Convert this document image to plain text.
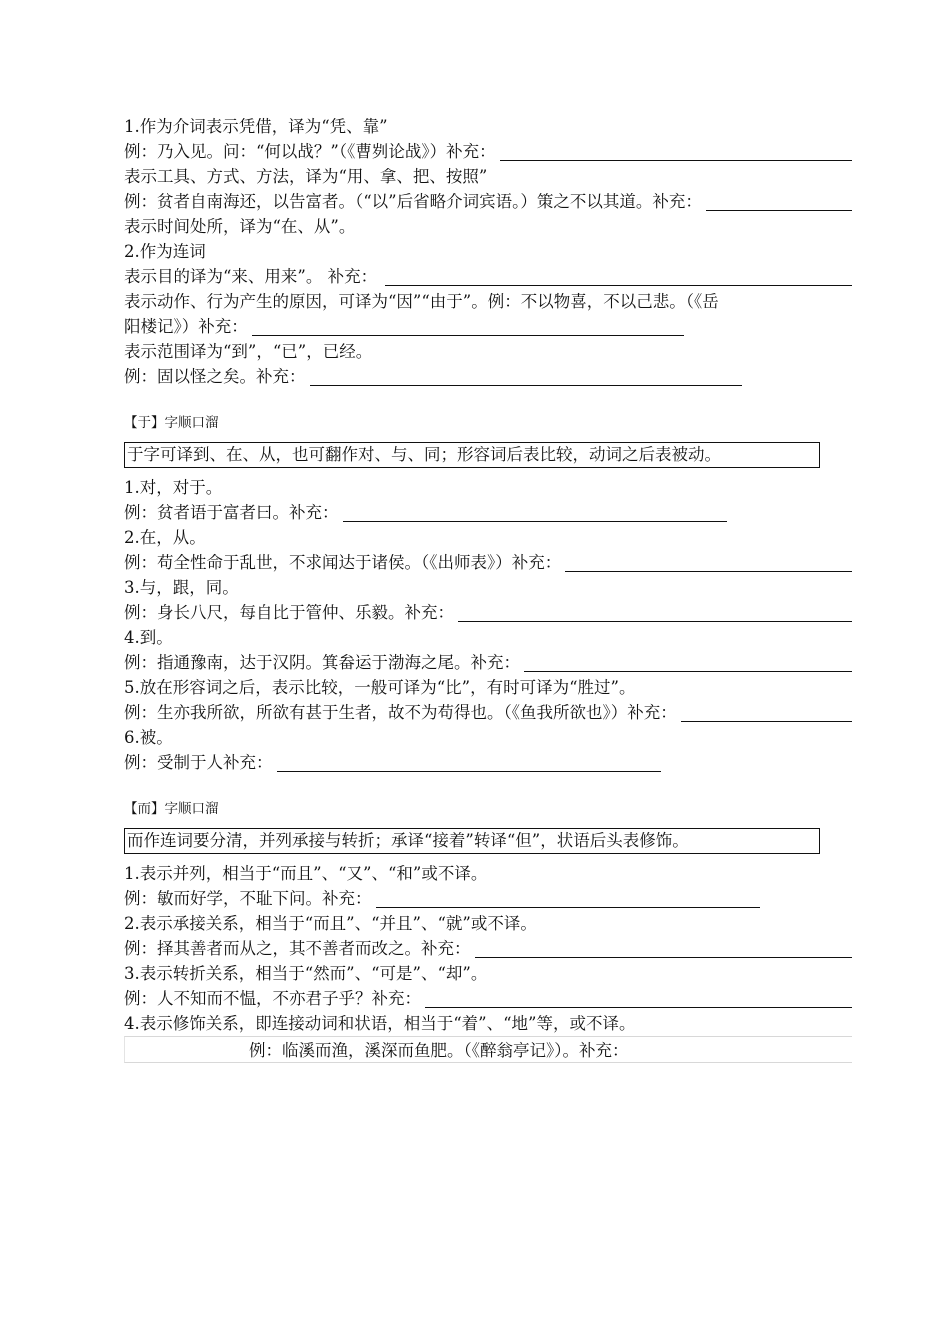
1.作为介词表示凭借，译为“凭、靠”
例：乃入见。问：“何以战？”（《曹刿论战》）补充：
表示工具、方式、方法，译为“用、拿、把、按照”
例：贫者自南海还，以告富者。（“以”后省略介词宾语。）策之不以其道。补充：
表示时间处所，译为“在、从”。
2.作为连词
表示目的译为“来、用来”。 补充：
表示动作、行为产生的原因，可译为“因”“由于”。例：不以物喜，不以己悲。（《岳
阳楼记》）补充：
表示范围译为“到”，“已”，已经。
例：固以怪之矣。补充：
【于】字顺口溜
于字可译到、在、从，也可翻作对、与、同；形容词后表比较，动词之后表被动。
1.对，对于。
例：贫者语于富者曰。补充：
2.在，从。
例：苟全性命于乱世，不求闻达于诸侯。（《出师表》）补充：
3.与，跟，同。
例：身长八尺，每自比于管仲、乐毅。补充：
4.到。
例：指通豫南，达于汉阴。箕畚运于渤海之尾。补充：
5.放在形容词之后，表示比较，一般可译为“比”，有时可译为“胜过”。
例：生亦我所欲，所欲有甚于生者，故不为苟得也。（《鱼我所欲也》）补充：
6.被。
例：受制于人补充：
【而】字顺口溜
而作连词要分清，并列承接与转折；承译“接着”转译“但”，状语后头表修饰。
1.表示并列，相当于“而且”、“又”、“和”或不译。
例：敏而好学，不耻下问。补充：
2.表示承接关系，相当于“而且”、“并且”、“就”或不译。
例：择其善者而从之，其不善者而改之。补充：
3.表示转折关系，相当于“然而”、“可是”、“却”。
例：人不知而不愠，不亦君子乎？补充：
4.表示修饰关系，即连接动词和状语，相当于“着”、“地”等，或不译。
例：临溪而渔，溪深而鱼肥。（《醉翁亭记》）。补充：
